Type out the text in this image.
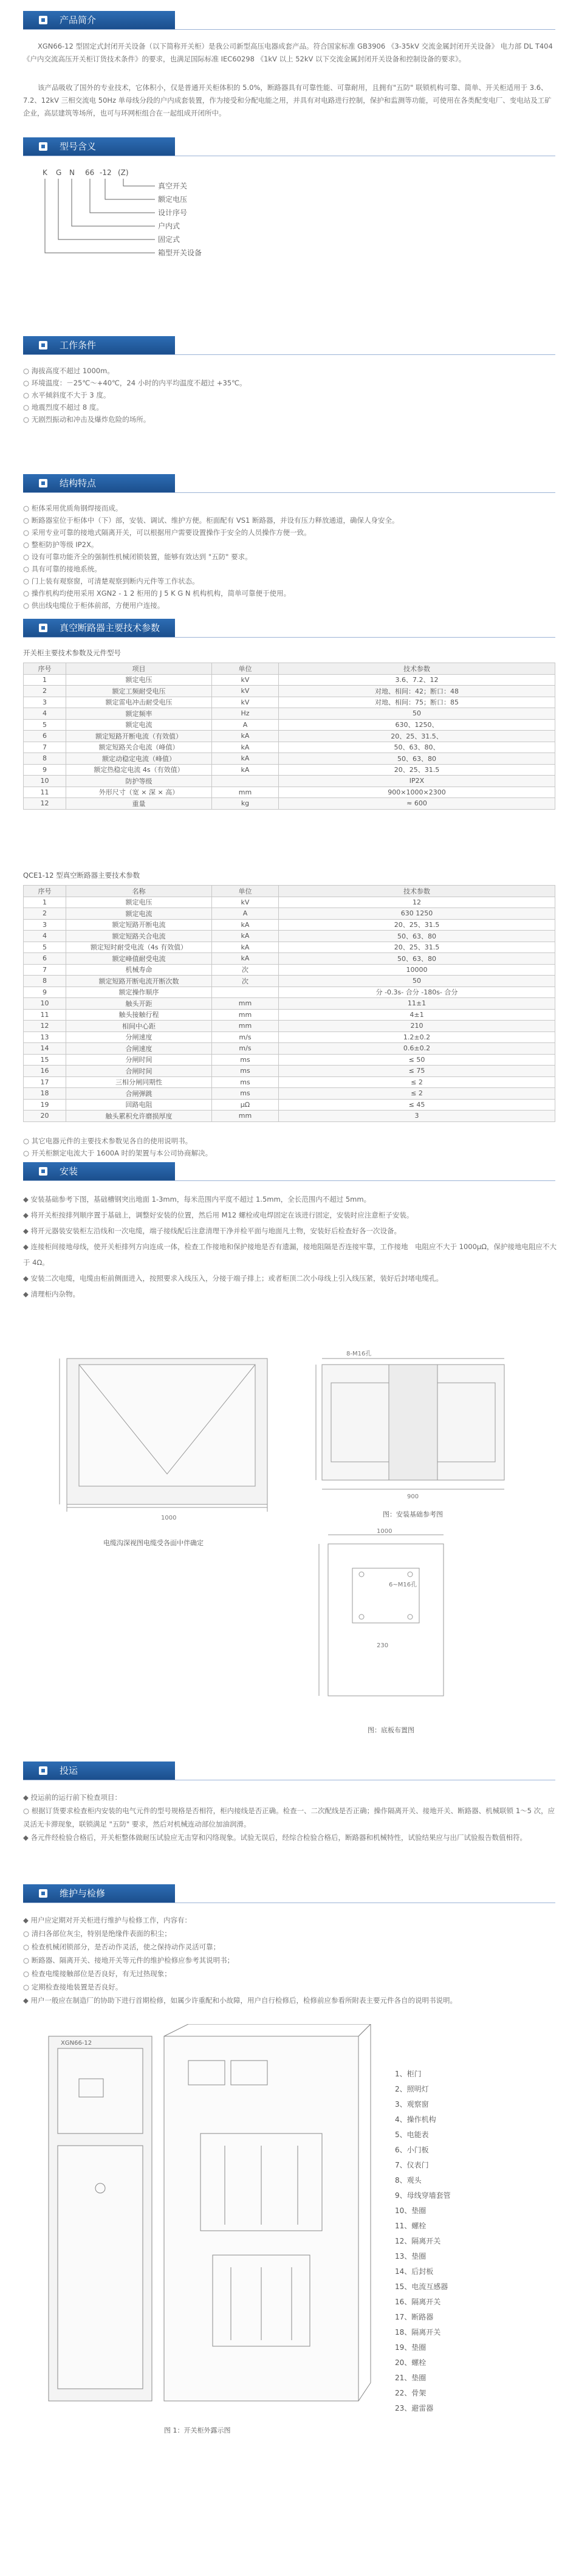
产品简介
XGN66-12 型固定式封闭开关设备（以下简称开关柜）是我公司新型高压电器成套产品。符合国家标准 GB3906 《3-35kV 交流金属封闭开关设备》 电力部 DL T404《户内交流高压开关柜订货技术条件》的要求，也满足国际标准 IEC60298 《1kV 以上 52kV 以下交流金属封闭开关设备和控制设备的要求》。
该产品吸收了国外的专业技术，它体积小，仅是普通开关柜体积的 5.0%，断路器具有可靠性能、可靠耐用，且拥有"五防" 联锁机构可靠、简单、开关柜适用于 3.6、7.2、12kV 三相交流电 50Hz 单母线分段的户内成套装置，作为接受和分配电能之用，并具有对电路进行控制，保护和监测等功能，可使用在各类配变电厂、变电站及工矿企业，高层建筑等场所，也可与环网柜组合在一起组成开闭所中。
型号含义
K G N 66 -12 (Z)
真空开关
额定电压
设计序号
户内式
固定式
箱型开关设备
工作条件
○ 海拔高度不超过 1000m。
○ 环境温度：－25℃～+40℃，24 小时的内平均温度不超过 +35℃。
○ 水平倾斜度不大于 3 度。
○ 地震烈度不超过 8 度。
○ 无剧烈振动和冲击及爆炸危险的场所。
结构特点
○ 柜体采用优质角钢焊接而成。
○ 断路器室位于柜体中（下）部，安装、调试、维护方便。柜面配有 VS1 断路器，并设有压力释放通道，确保人身安全。
○ 采用专业可靠的接地式隔离开关，可以根据用户需要设置操作于安全的人员操作方便一致。
○ 整柜防护等级 IP2X。
○ 设有可靠功能齐全的强制性机械闭锁装置，能够有效达到 "五防" 要求。
○ 具有可靠的接地系统。
○ 门上装有观察窗，可清楚观察到断内元件等工作状态。
○ 操作机构均使用采用 XGN2 - 1 2 柜用的 J 5 K G N 机构机构，简单可靠便于使用。
○ 供出线电缆位于柜体前部，方便用户连接。
真空断路器主要技术参数
开关柜主要技术参数及元件型号
序号	项目	单位	技术参数
1	额定电压	kV	3.6、7.2、12
2	额定工频耐受电压	kV	对地、相间：42；断口：48
3	额定雷电冲击耐受电压	kV	对地、相间：75；断口：85
4	额定频率	Hz	50
5	额定电流	A	630、1250、
6	额定短路开断电流（有效值）	kA	20、25、31.5、
7	额定短路关合电流（峰值）	kA	50、63、80、
8	额定动稳定电流（峰值）	kA	50、63、80
9	额定热稳定电流 4s（有效值）	kA	20、25、31.5
10	防护等级		IP2X
11	外形尺寸（宽 × 深 × 高）	mm	900×1000×2300
12	重量	kg	≈ 600
QCE1-12 型真空断路器主要技术参数
序号	名称	单位	技术参数
1	额定电压	kV	12
2	额定电流	A	630 1250
3	额定短路开断电流	kA	20、25、31.5
4	额定短路关合电流	kA	50、63、80
5	额定短时耐受电流（4s 有效值）	kA	20、25、31.5
6	额定峰值耐受电流	kA	50、63、80
7	机械寿命	次	10000
8	额定短路开断电流开断次数	次	50
9	额定操作顺序		分 -0.3s- 合分 -180s- 合分
10	触头开距	mm	11±1
11	触头接触行程	mm	4±1
12	相间中心距	mm	210
13	分闸速度	m/s	1.2±0.2
14	合闸速度	m/s	0.6±0.2
15	分闸时间	ms	≤ 50
16	合闸时间	ms	≤ 75
17	三相分闸同期性	ms	≤ 2
18	合闸弹跳	ms	≤ 2
19	回路电阻	μΩ	≤ 45
20	触头累积允许磨损厚度	mm	3
○ 其它电器元件的主要技术参数见各自的使用说明书。
○ 开关柜额定电流大于 1600A 时的架置与本公司协商解决。
安装
◆ 安装基础参考下图，基础槽钢突出地面 1-3mm，每米范围内平度不超过 1.5mm，全长范围内不超过 5mm。
◆ 将开关柜按排列顺序置于基础上，调整好安装的位置，然后用 M12 螺栓或电焊固定在该进行固定，安装时应注意柜子安装。
◆ 将开元器装安装柜左沿线和一次电缆，端子接线配后注意清理干净并检平面与地面凡土物，安装好后检查好各一次设备。
◆ 连接柜间接地母线，使开关柜排列方向连成一体，检查工作接地和保护接地是否有遗漏，接地阻隔是否连接牢靠，工作接地　电阻应不大于 1000μΩ，保护接地电阻应不大于 4Ω。
◆ 安装二次电缆，电缆由柜前侧面进入，按照要求入线压入，分接于端子排上；或者柜顶二次小母线上引入线压紧，装好后封堵电缆孔。
◆ 清理柜内杂物。
1000
电缆沟深视图电缆受各面中伴确定
8-M16孔
900
图：安装基础参考图
1000
6~M16孔
230
图：底板布置图
投运
◆ 投运前的运行前下检查项目：
○ 根据订货要求检查柜内安装的电气元件的型号规格是否相符，柜内接线是否正确。检查一、二次配线是否正确；操作隔离开关、接地开关、断路器、机械联锁 1～5 次，应灵活无卡滞现象，联锁满足 "五防" 要求，然后对机械连动部位加油润滑。
◆ 各元件经检验合格后，开关柜整体做耐压试验应无击穿和闪络现象。试验无误后，经综合检验合格后，断路器和机械特性，试验结果应与出厂试验报告数值相符。
维护与检修
◆ 用户应定期对开关柜进行维护与检修工作，内容有：
○ 清扫各部位灰尘，特别是绝缘件表面的积尘；
○ 检查机械闭锁部分，是否动作灵活，使之保持动作灵活可靠；
○ 断路器、隔离开关、接地开关等元件的维护检修应参考其说明书；
○ 检查电缆接触部位是否良好，有无过热现象；
○ 定期检查接地装置是否良好。
◆ 用户一般应在制造厂的协助下进行首期检修，如属少许重配和小故障，用户自行检修后，检修前应参看所附表主要元件各自的说明书说明。
XGN66-12
图 1：开关柜外露示图
1、柜门
2、照明灯
3、观察窗
4、操作机构
5、电能表
6、小门板
7、仪表门
8、观头
9、母线穿墙套管
10、垫圈
11、螺栓
12、隔离开关
13、垫圈
14、后封板
15、电流互感器
16、隔离开关
17、断路器
18、隔离开关
19、垫圈
20、螺栓
21、垫圈
22、骨架
23、避雷器
